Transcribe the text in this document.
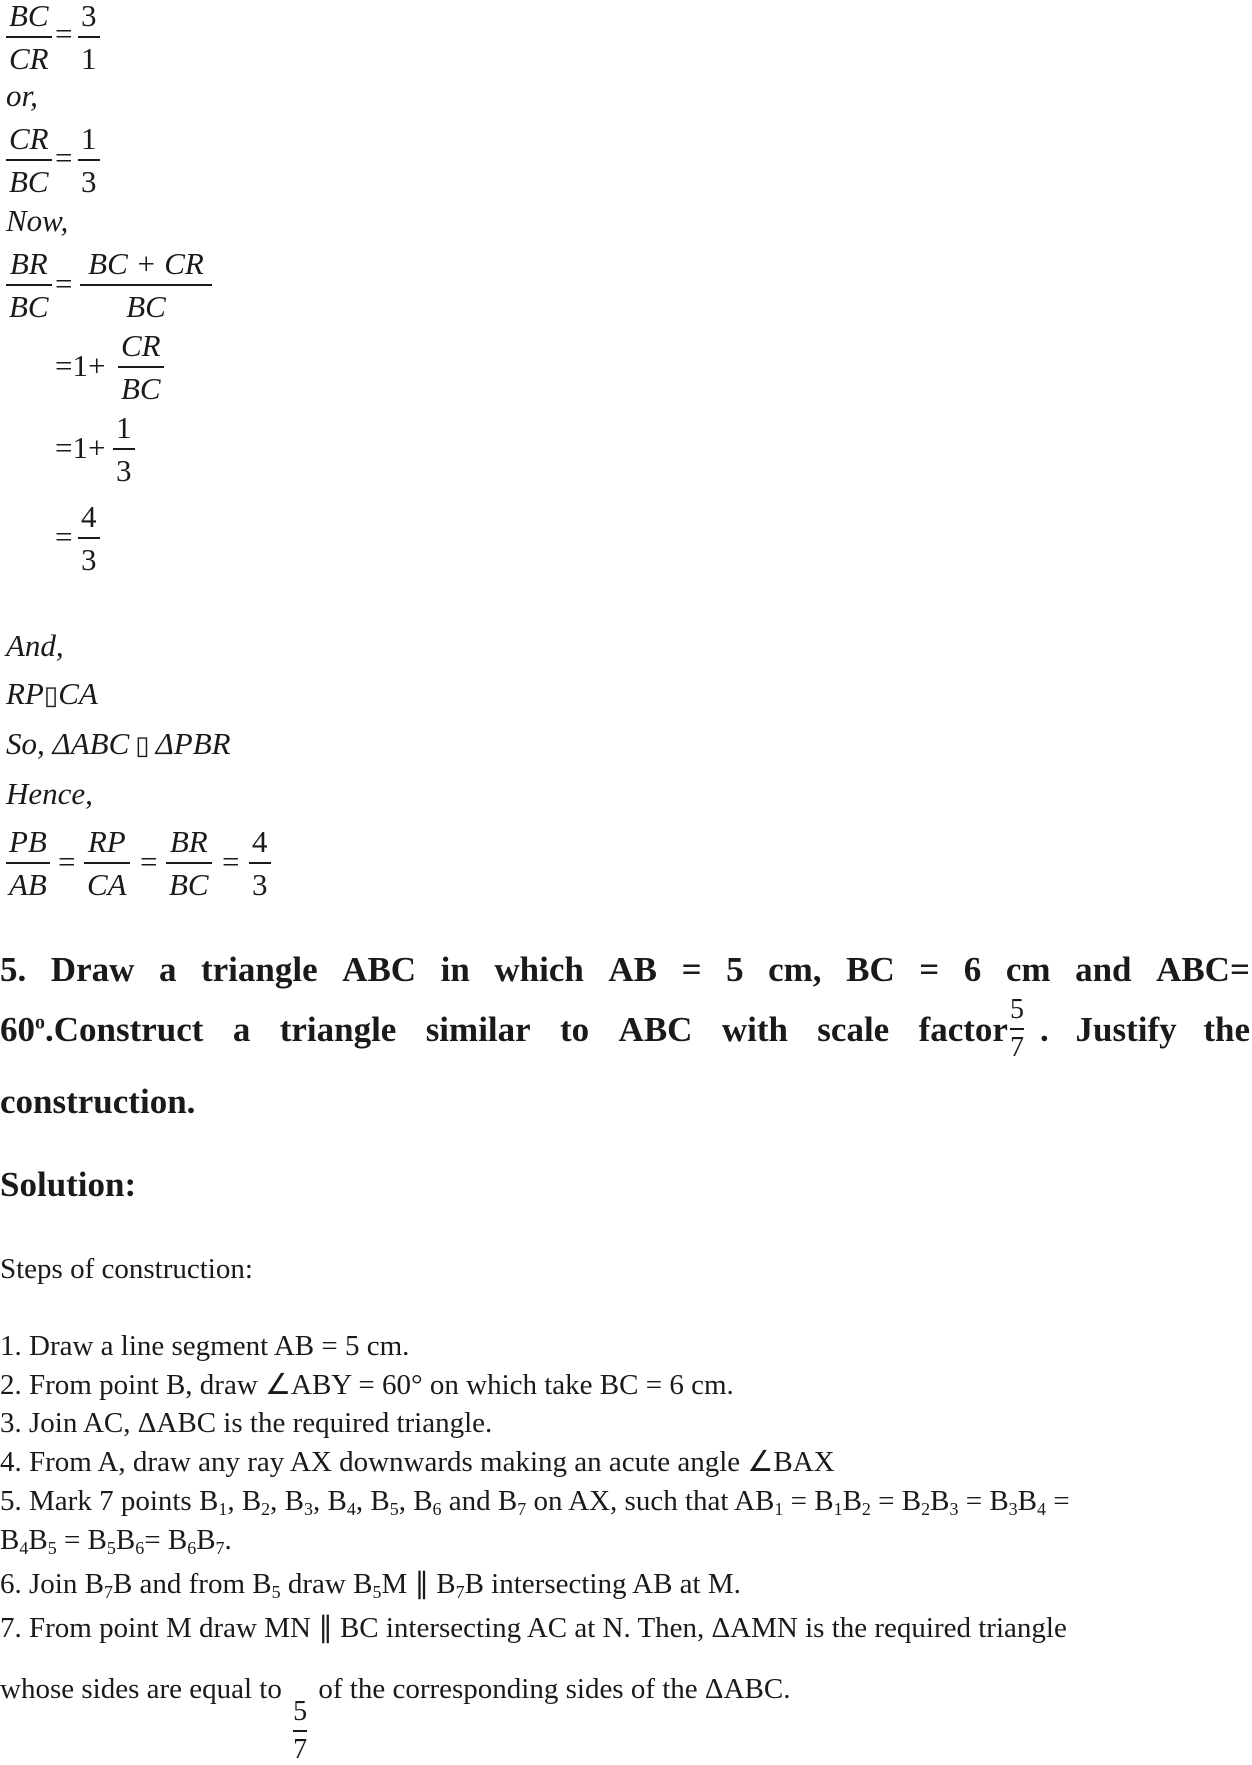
BC
CR
=
3
1
or,
CR
BC
=
1
3
Now,
BR
BC
=
BC + CR
BC
=1+
CR
BC
=1+
1
3
=
4
3
And,
RP▯CA
So, ΔABC ▯ ΔPBR
Hence,
PB
AB
=
RP
CA
=
BR
BC
=
4
3
5. Draw a triangle ABC in which AB = 5 cm, BC = 6 cm and ABC=
$60^o.Construct$ a triangle similar to ABC with scale factor
5
7 . Justify the
construction.
Solution:
Steps of construction:
1. Draw a line segment AB = 5 cm.
2. From point B, draw ∠ABY = 60° on which take BC = 6 cm.
3. Join AC, ΔABC is the required triangle.
4. From A, draw any ray AX downwards making an acute angle ∠BAX
5. Mark 7 points $B_1$, $B_2$, $B_3$, $B_4$, $B_5$, $B_6$ and $B_7$ on AX, such that $AB_1 = B_1B_2 = B_2B_3 = B_3B_4$ =
$B_4B_5 = B_5B_6= B_6B_7$.
6. Join $B_7B$ and from $B_5$ draw $B_5M$ ∥ $B_7B$ intersecting AB at M.
7. From point M draw MN ∥ BC intersecting AC at N. Then, ΔAMN is the required triangle
whose sides are equal to
$\frac{5}{7}$
of the corresponding sides of the ΔABC.
